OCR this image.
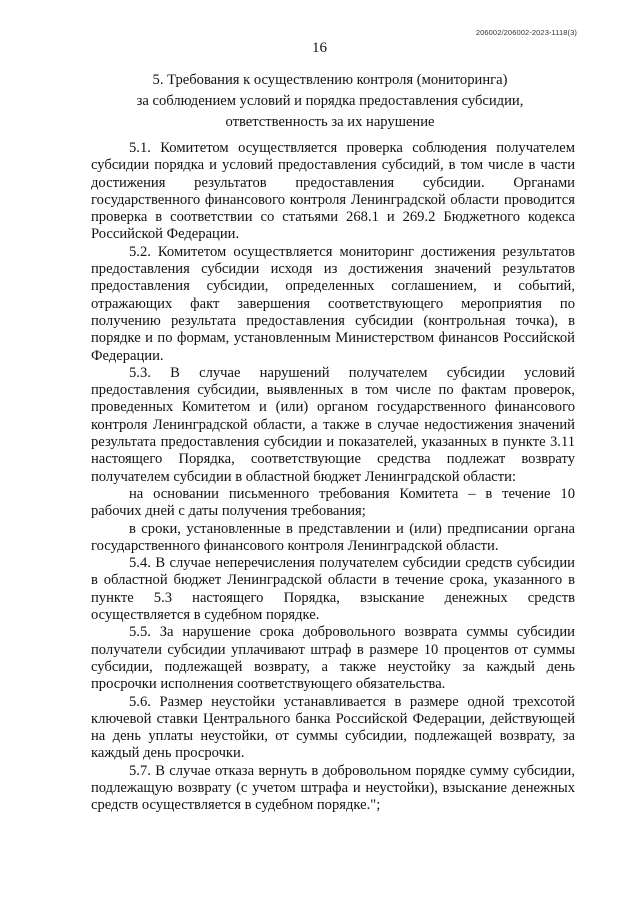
206002/206002-2023-1118(3)
16
5. Требования к осуществлению контроля (мониторинга)
за соблюдением условий и порядка предоставления субсидии,
ответственность за их нарушение

5.1. Комитетом осуществляется проверка соблюдения получателем субсидии порядка и условий предоставления субсидий, в том числе в части достижения результатов предоставления субсидии. Органами государственного финансового контроля Ленинградской области проводится проверка в соответствии со статьями 268.1 и 269.2 Бюджетного кодекса Российской Федерации.

5.2. Комитетом осуществляется мониторинг достижения результатов предоставления субсидии исходя из достижения значений результатов предоставления субсидии, определенных соглашением, и событий, отражающих факт завершения соответствующего мероприятия по получению результата предоставления субсидии (контрольная точка), в порядке и по формам, установленным Министерством финансов Российской Федерации.

5.3. В случае нарушений получателем субсидии условий предоставления субсидии, выявленных в том числе по фактам проверок, проведенных Комитетом и (или) органом государственного финансового контроля Ленинградской области, а также в случае недостижения значений результата предоставления субсидии и показателей, указанных в пункте 3.11 настоящего Порядка, соответствующие средства подлежат возврату получателем субсидии в областной бюджет Ленинградской области:

на основании письменного требования Комитета – в течение 10 рабочих дней с даты получения требования;

в сроки, установленные в представлении и (или) предписании органа государственного финансового контроля Ленинградской области.

5.4. В случае неперечисления получателем субсидии средств субсидии в областной бюджет Ленинградской области в течение срока, указанного в пункте 5.3 настоящего Порядка, взыскание денежных средств осуществляется в судебном порядке.

5.5. За нарушение срока добровольного возврата суммы субсидии получатели субсидии уплачивают штраф в размере 10 процентов от суммы субсидии, подлежащей возврату, а также неустойку за каждый день просрочки исполнения соответствующего обязательства.

5.6. Размер неустойки устанавливается в размере одной трехсотой ключевой ставки Центрального банка Российской Федерации, действующей на день уплаты неустойки, от суммы субсидии, подлежащей возврату, за каждый день просрочки.

5.7. В случае отказа вернуть в добровольном порядке сумму субсидии, подлежащую возврату (с учетом штрафа и неустойки), взыскание денежных средств осуществляется в судебном порядке.";
